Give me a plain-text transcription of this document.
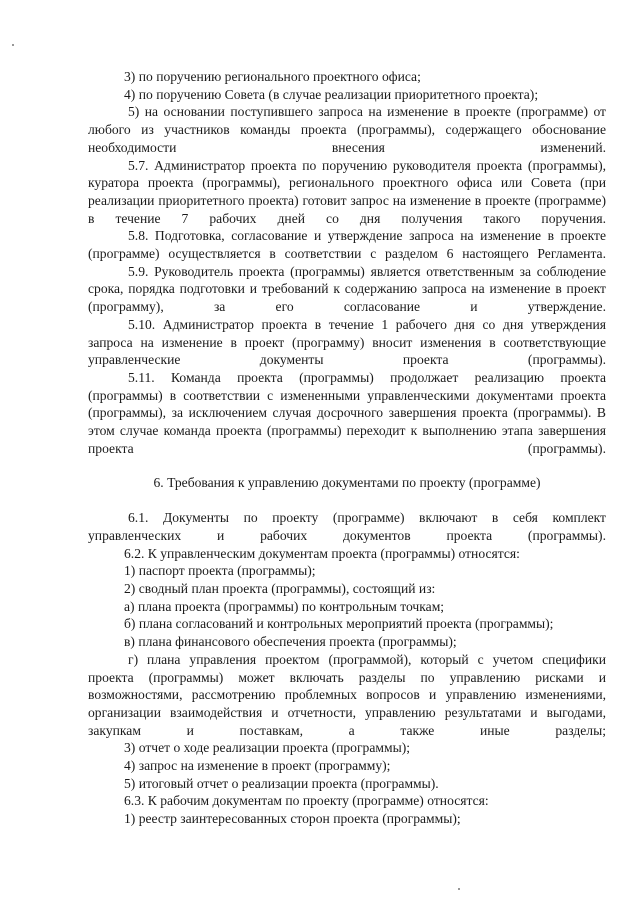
3) по поручению регионального проектного офиса;

4) по поручению Совета (в случае реализации приоритетного проекта);

5) на основании поступившего запроса на изменение в проекте (программе) от любого из участников команды проекта (программы), содержащего обоснование необходимости внесения изменений.

5.7. Администратор проекта по поручению руководителя проекта (программы), куратора проекта (программы), регионального проектного офиса или Совета (при реализации приоритетного проекта) готовит запрос на изменение в проекте (программе) в течение 7 рабочих дней со дня получения такого поручения.

5.8. Подготовка, согласование и утверждение запроса на изменение в проекте (программе) осуществляется в соответствии с разделом 6 настоящего Регламента.

5.9. Руководитель проекта (программы) является ответственным за соблюдение срока, порядка подготовки и требований к содержанию запроса на изменение в проект (программу), за его согласование и утверждение.

5.10. Администратор проекта в течение 1 рабочего дня со дня утверждения запроса на изменение в проект (программу) вносит изменения в соответствующие управленческие документы проекта (программы).

5.11. Команда проекта (программы) продолжает реализацию проекта (программы) в соответствии с измененными управленческими документами проекта (программы), за исключением случая досрочного завершения проекта (программы). В этом случае команда проекта (программы) переходит к выполнению этапа завершения проекта (программы).

6. Требования к управлению документами по проекту (программе)

6.1. Документы по проекту (программе) включают в себя комплект управленческих и рабочих документов проекта (программы).

6.2. К управленческим документам проекта (программы) относятся:

1) паспорт проекта (программы);

2) сводный план проекта (программы), состоящий из:

а) плана проекта (программы) по контрольным точкам;

б) плана согласований и контрольных мероприятий проекта (программы);

в) плана финансового обеспечения проекта (программы);

г) плана управления проектом (программой), который с учетом специфики проекта (программы) может включать разделы по управлению рисками и возможностями, рассмотрению проблемных вопросов и управлению изменениями, организации взаимодействия и отчетности, управлению результатами и выгодами, закупкам и поставкам, а также иные разделы;

3) отчет о ходе реализации проекта (программы);

4) запрос на изменение в проект (программу);

5) итоговый отчет о реализации проекта (программы).

6.3. К рабочим документам по проекту (программе) относятся:

1) реестр заинтересованных сторон проекта (программы);
